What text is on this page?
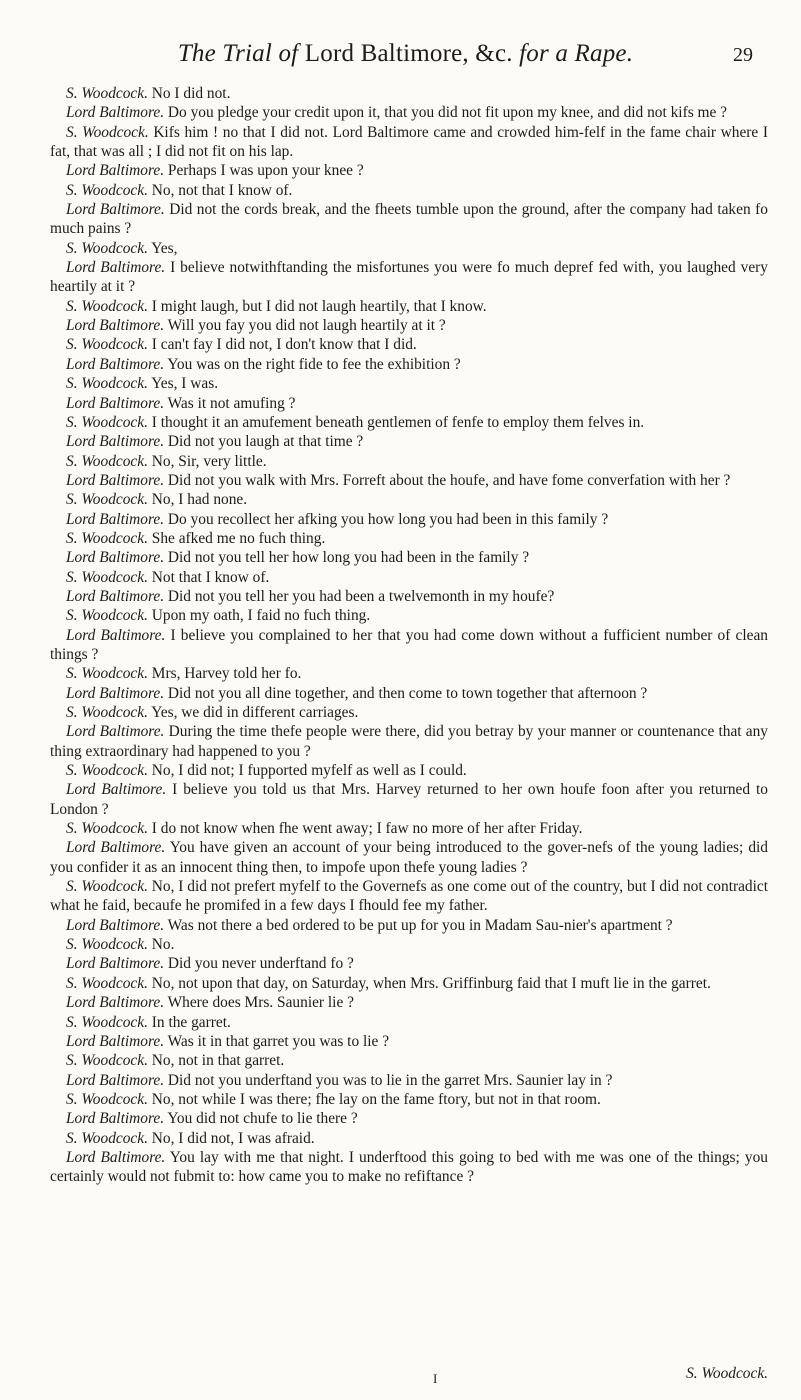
The Trial of Lord Baltimore, &c. for a Rape.	29

S. Woodcock. No I did not.

Lord Baltimore. Do you pledge your credit upon it, that you did not fit upon my knee, and did not kifs me ?

S. Woodcock. Kifs him ! no that I did not. Lord Baltimore came and crowded him-felf in the fame chair where I fat, that was all ; I did not fit on his lap.

Lord Baltimore. Perhaps I was upon your knee ?

S. Woodcock. No, not that I know of.

Lord Baltimore. Did not the cords break, and the fheets tumble upon the ground, after the company had taken fo much pains ?

S. Woodcock. Yes,

Lord Baltimore. I believe notwithftanding the misfortunes you were fo much depref fed with, you laughed very heartily at it ?

S. Woodcock. I might laugh, but I did not laugh heartily, that I know.

Lord Baltimore. Will you fay you did not laugh heartily at it ?

S. Woodcock. I can't fay I did not, I don't know that I did.

Lord Baltimore. You was on the right fide to fee the exhibition ?

S. Woodcock. Yes, I was.

Lord Baltimore. Was it not amufing ?

S. Woodcock. I thought it an amufement beneath gentlemen of fenfe to employ them felves in.

Lord Baltimore. Did not you laugh at that time ?

S. Woodcock. No, Sir, very little.

Lord Baltimore. Did not you walk with Mrs. Forreft about the houfe, and have fome converfation with her ?

S. Woodcock. No, I had none.

Lord Baltimore. Do you recollect her afking you how long you had been in this family ?

S. Woodcock. She afked me no fuch thing.

Lord Baltimore. Did not you tell her how long you had been in the family ?

S. Woodcock. Not that I know of.

Lord Baltimore. Did not you tell her you had been a twelvemonth in my houfe?

S. Woodcock. Upon my oath, I faid no fuch thing.

Lord Baltimore. I believe you complained to her that you had come down without a fufficient number of clean things ?

S. Woodcock. Mrs, Harvey told her fo.

Lord Baltimore. Did not you all dine together, and then come to town together that afternoon ?

S. Woodcock. Yes, we did in different carriages.

Lord Baltimore. During the time thefe people were there, did you betray by your manner or countenance that any thing extraordinary had happened to you ?

S. Woodcock. No, I did not; I fupported myfelf as well as I could.

Lord Baltimore. I believe you told us that Mrs. Harvey returned to her own houfe foon after you returned to London ?

S. Woodcock. I do not know when fhe went away; I faw no more of her after Friday.

Lord Baltimore. You have given an account of your being introduced to the gover-nefs of the young ladies; did you confider it as an innocent thing then, to impofe upon thefe young ladies ?

S. Woodcock. No, I did not prefert myfelf to the Governefs as one come out of the country, but I did not contradict what he faid, becaufe he promifed in a few days I fhould fee my father.

Lord Baltimore. Was not there a bed ordered to be put up for you in Madam Sau-nier's apartment ?

S. Woodcock. No.

Lord Baltimore. Did you never underftand fo ?

S. Woodcock. No, not upon that day, on Saturday, when Mrs. Griffinburg faid that I muft lie in the garret.

Lord Baltimore. Where does Mrs. Saunier lie ?

S. Woodcock. In the garret.

Lord Baltimore. Was it in that garret you was to lie ?

S. Woodcock. No, not in that garret.

Lord Baltimore. Did not you underftand you was to lie in the garret Mrs. Saunier lay in ?

S. Woodcock. No, not while I was there; fhe lay on the fame ftory, but not in that room.

Lord Baltimore. You did not chufe to lie there ?

S. Woodcock. No, I did not, I was afraid.

Lord Baltimore. You lay with me that night. I underftood this going to bed with me was one of the things; you certainly would not fubmit to: how came you to make no refiftance ?

I	S. Woodcock.
